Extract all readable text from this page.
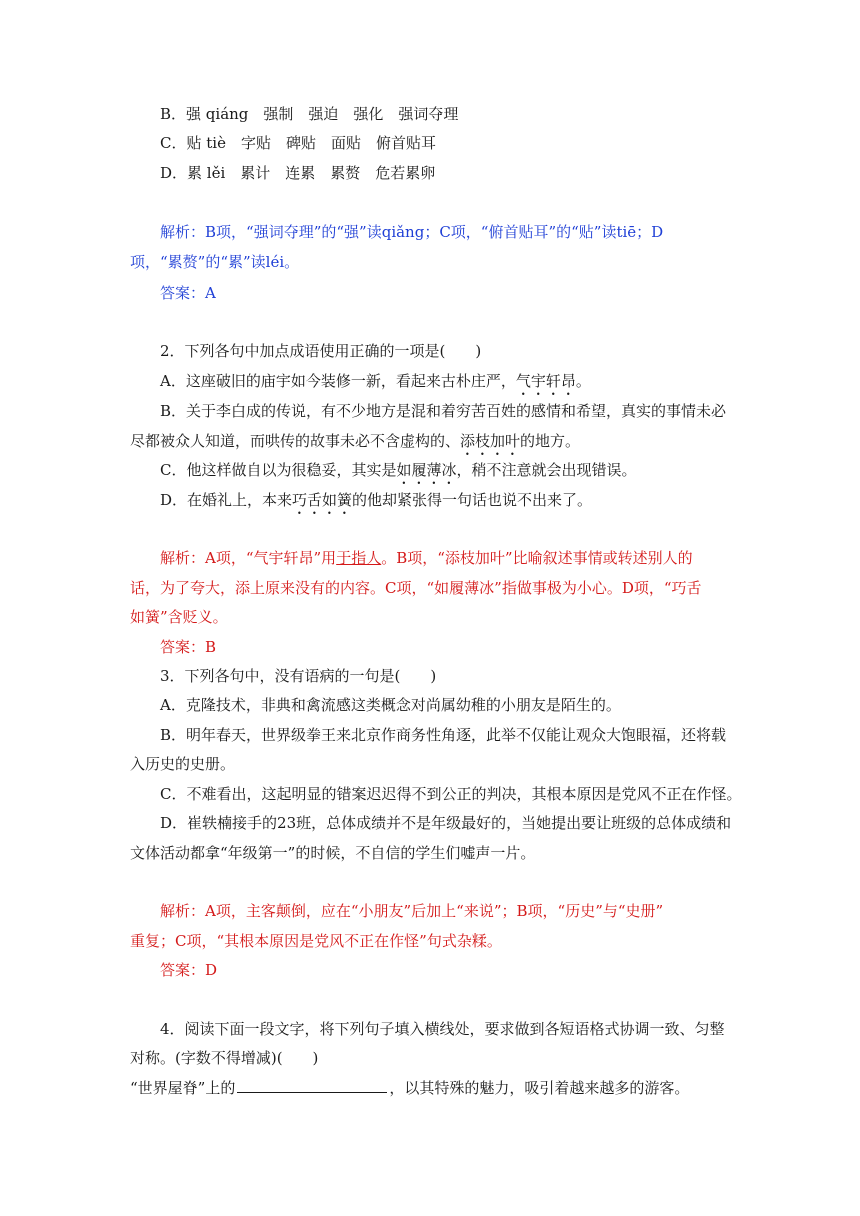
B．强 qiáng　强制　强迫　强化　强词夺理
C．贴 tiè　字贴　碑贴　面贴　俯首贴耳
D．累 lěi　累计　连累　累赘　危若累卵
解析：B项，“强词夺理”的“强”读qiǎng；C项，“俯首贴耳”的“贴”读tiē；D
项，“累赘”的“累”读léi。
答案：A
2．下列各句中加点成语使用正确的一项是(　　)
A．这座破旧的庙宇如今装修一新，看起来古朴庄严，气宇轩昂。
B．关于李白成的传说，有不少地方是混和着穷苦百姓的感情和希望，真实的事情未必
尽都被众人知道，而哄传的故事未必不含虚构的、添枝加叶的地方。
C．他这样做自以为很稳妥，其实是如履薄冰，稍不注意就会出现错误。
D．在婚礼上，本来巧舌如簧的他却紧张得一句话也说不出来了。
解析：A项，“气宇轩昂”用于指人。B项，“添枝加叶”比喻叙述事情或转述别人的
话，为了夸大，添上原来没有的内容。C项，“如履薄冰”指做事极为小心。D项，“巧舌
如簧”含贬义。
答案：B
3．下列各句中，没有语病的一句是(　　)
A．克隆技术，非典和禽流感这类概念对尚属幼稚的小朋友是陌生的。
B．明年春天，世界级拳王来北京作商务性角逐，此举不仅能让观众大饱眼福，还将载
入历史的史册。
C．不难看出，这起明显的错案迟迟得不到公正的判决，其根本原因是党风不正在作怪。
D．崔轶楠接手的23班，总体成绩并不是年级最好的，当她提出要让班级的总体成绩和
文体活动都拿“年级第一”的时候，不自信的学生们嘘声一片。
解析：A项，主客颠倒，应在“小朋友”后加上“来说”；B项，“历史”与“史册”
重复；C项，“其根本原因是党风不正在作怪”句式杂糅。
答案：D
4．阅读下面一段文字，将下列句子填入横线处，要求做到各短语格式协调一致、匀整
对称。(字数不得增减)(　　)
“世界屋脊”上的	，以其特殊的魅力，吸引着越来越多的游客。
